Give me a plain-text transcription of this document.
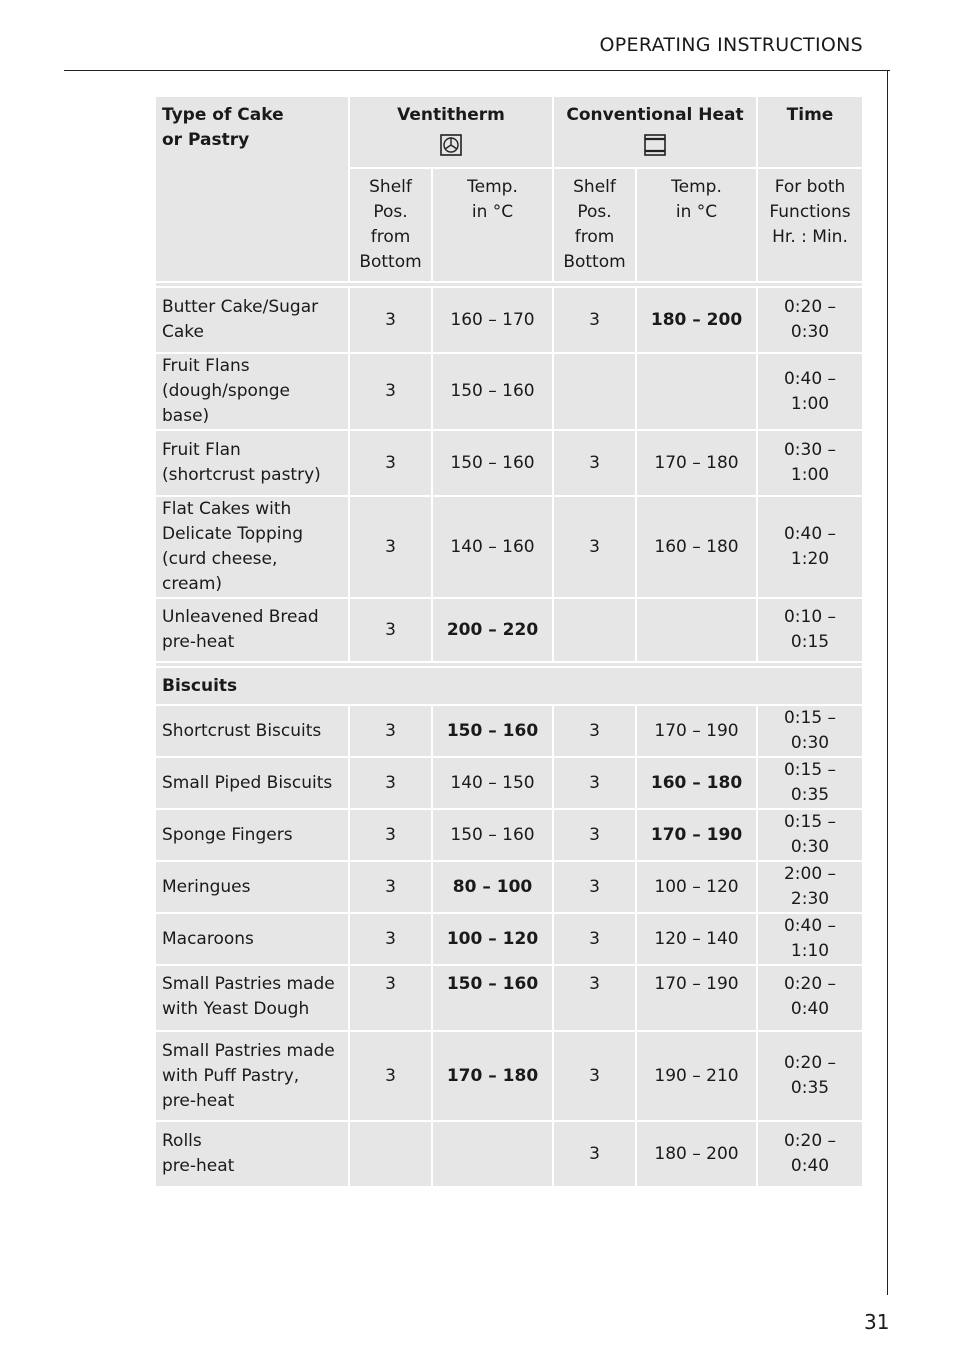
OPERATING INSTRUCTIONS
Type of Cake
or Pastry	Ventitherm		Conventional Heat		Time
	Shelf
Pos.
from
Bottom	Temp.
in °C	Shelf
Pos.
from
Bottom	Temp.
in °C	For both
Functions
Hr. : Min.

Butter Cake/Sugar
Cake	3	160 – 170	3	180 – 200	0:20 – 0:30
Fruit Flans
(dough/sponge base)	3	150 – 160			0:40 – 1:00
Fruit Flan
(shortcrust pastry)	3	150 – 160	3	170 – 180	0:30 – 1:00
Flat Cakes with
Delicate Topping
(curd cheese, cream)	3	140 – 160	3	160 – 180	0:40 – 1:20
Unleavened Bread
pre-heat	3	200 – 220			0:10 – 0:15

Biscuits					
Shortcrust Biscuits	3	150 – 160	3	170 – 190	0:15 – 0:30
Small Piped Biscuits	3	140 – 150	3	160 – 180	0:15 – 0:35
Sponge Fingers	3	150 – 160	3	170 – 190	0:15 – 0:30
Meringues	3	80 – 100	3	100 – 120	2:00 – 2:30
Macaroons	3	100 – 120	3	120 – 140	0:40 – 1:10
Small Pastries made
with Yeast Dough	3	150 – 160	3	170 – 190	0:20 – 0:40
Small Pastries made
with Puff Pastry,
pre-heat	3	170 – 180	3	190 – 210	0:20 – 0:35
Rolls
pre-heat			3	180 – 200	0:20 – 0:40
31
